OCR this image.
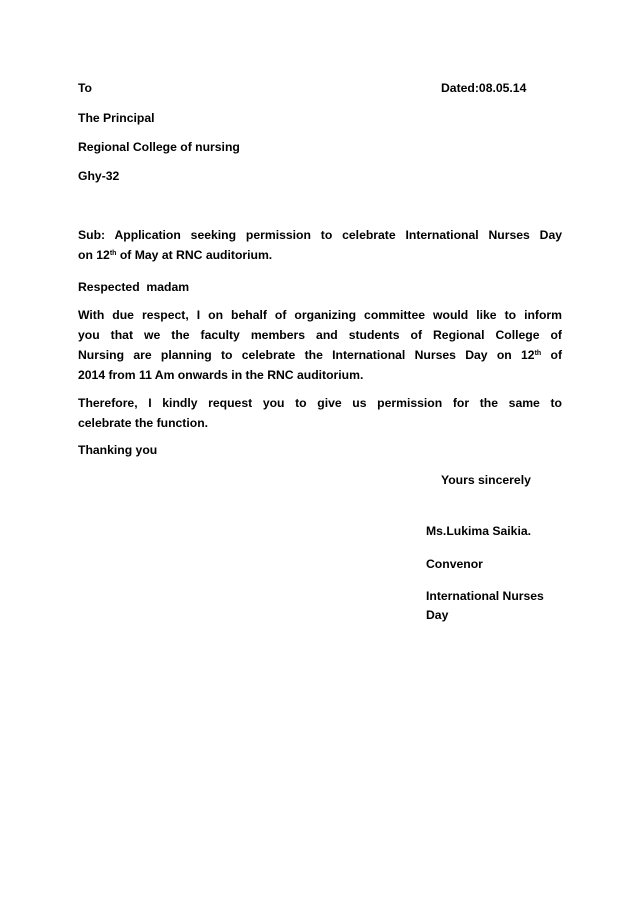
To	Dated:08.05.14
The Principal
Regional College of nursing
Ghy-32
Sub: Application seeking permission to celebrate International Nurses Day
on 12th of May at RNC auditorium.
Respected  madam
With due respect, I on behalf of organizing committee would like to inform
you that we the faculty members and students of Regional College of
Nursing are planning to celebrate the International Nurses Day on 12th of
2014 from 11 Am onwards in the RNC auditorium.
Therefore, I kindly request you to give us permission for the same to
celebrate the function.
Thanking you
Yours sincerely
Ms.Lukima Saikia.
Convenor
International Nurses
Day
